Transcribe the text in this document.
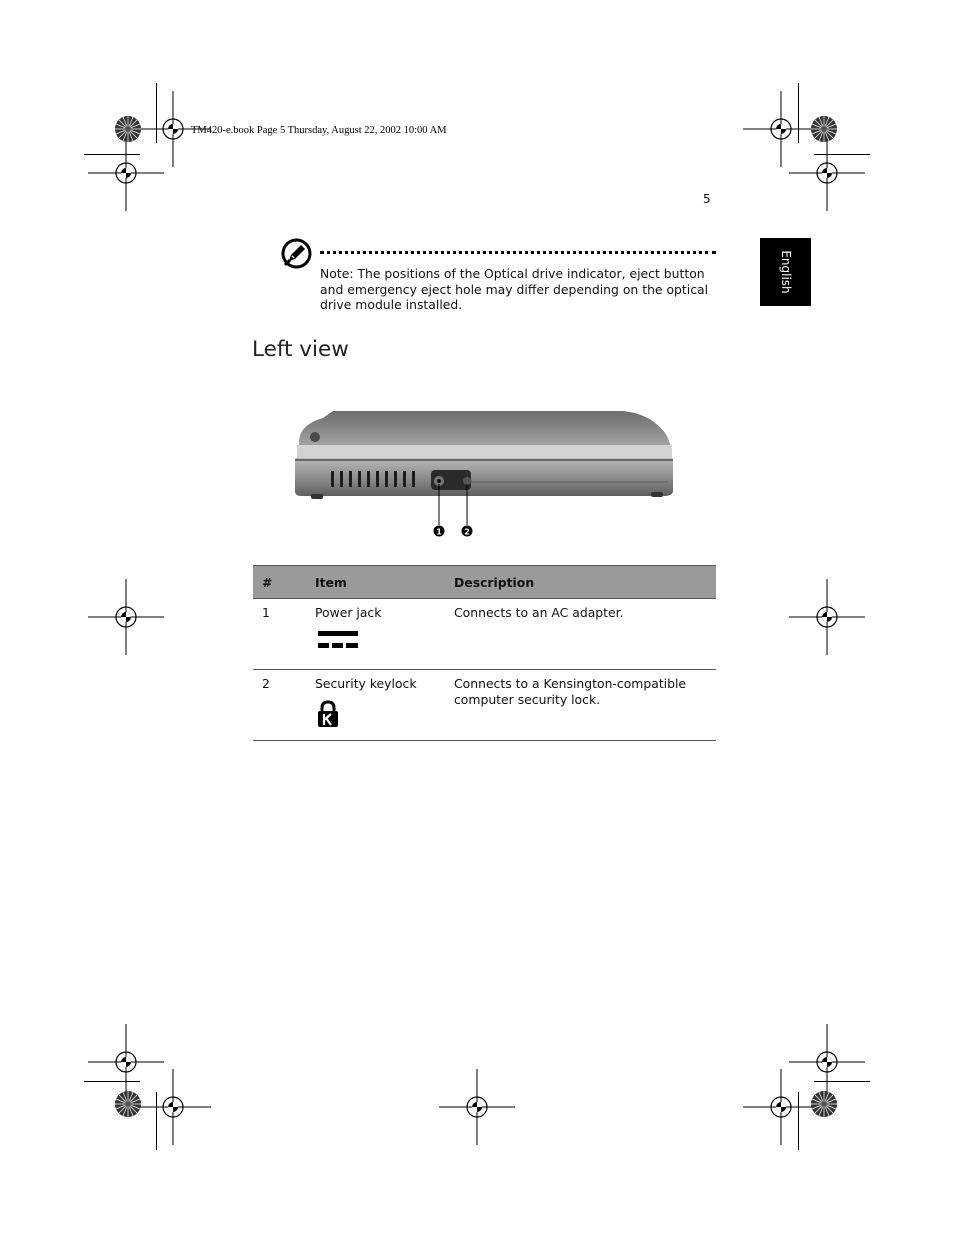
TM420-e.book Page 5 Thursday, August 22, 2002 10:00 AM
5
English
Note: The positions of the Optical drive indicator, eject button and emergency eject hole may differ depending on the optical drive module installed.
Left view
1	2
#	Item	Description
1	Power jack	Connects to an AC adapter.
2	Security keylock	Connects to a Kensington-compatible computer security lock.
